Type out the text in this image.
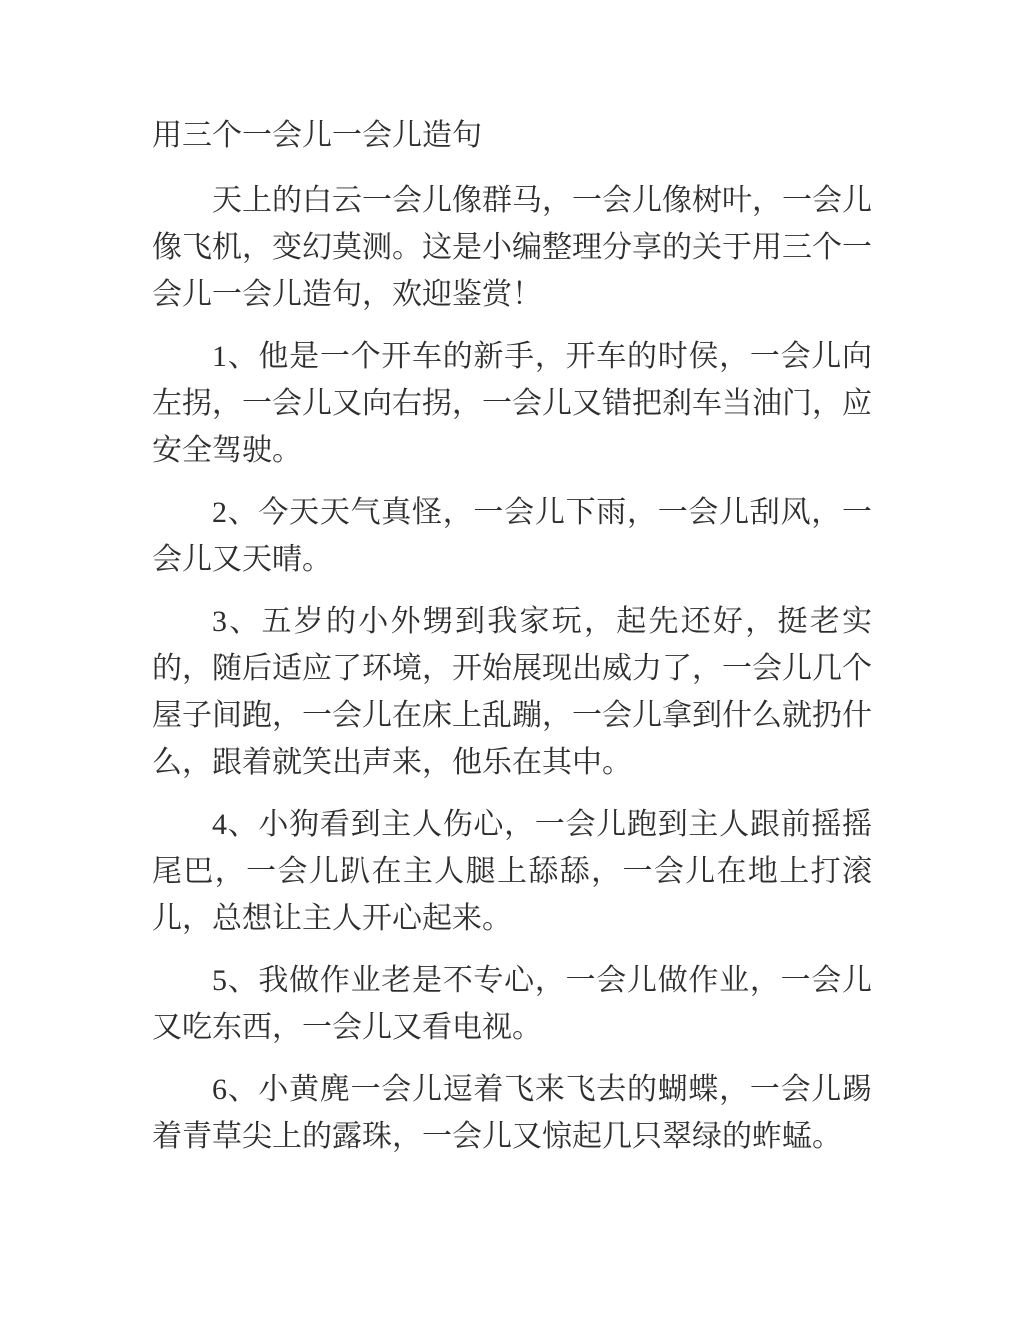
用三个一会儿一会儿造句

天上的白云一会儿像群马，一会儿像树叶，一会儿像飞机，变幻莫测。这是小编整理分享的关于用三个一会儿一会儿造句，欢迎鉴赏！

1、他是一个开车的新手，开车的时侯，一会儿向左拐，一会儿又向右拐，一会儿又错把刹车当油门，应安全驾驶。

2、今天天气真怪，一会儿下雨，一会儿刮风，一会儿又天晴。

3、五岁的小外甥到我家玩，起先还好，挺老实的，随后适应了环境，开始展现出威力了，一会儿几个屋子间跑，一会儿在床上乱蹦，一会儿拿到什么就扔什么，跟着就笑出声来，他乐在其中。

4、小狗看到主人伤心，一会儿跑到主人跟前摇摇尾巴，一会儿趴在主人腿上舔舔，一会儿在地上打滚儿，总想让主人开心起来。

5、我做作业老是不专心，一会儿做作业，一会儿又吃东西，一会儿又看电视。

6、小黄麂一会儿逗着飞来飞去的蝴蝶，一会儿踢着青草尖上的露珠，一会儿又惊起几只翠绿的蚱蜢。
